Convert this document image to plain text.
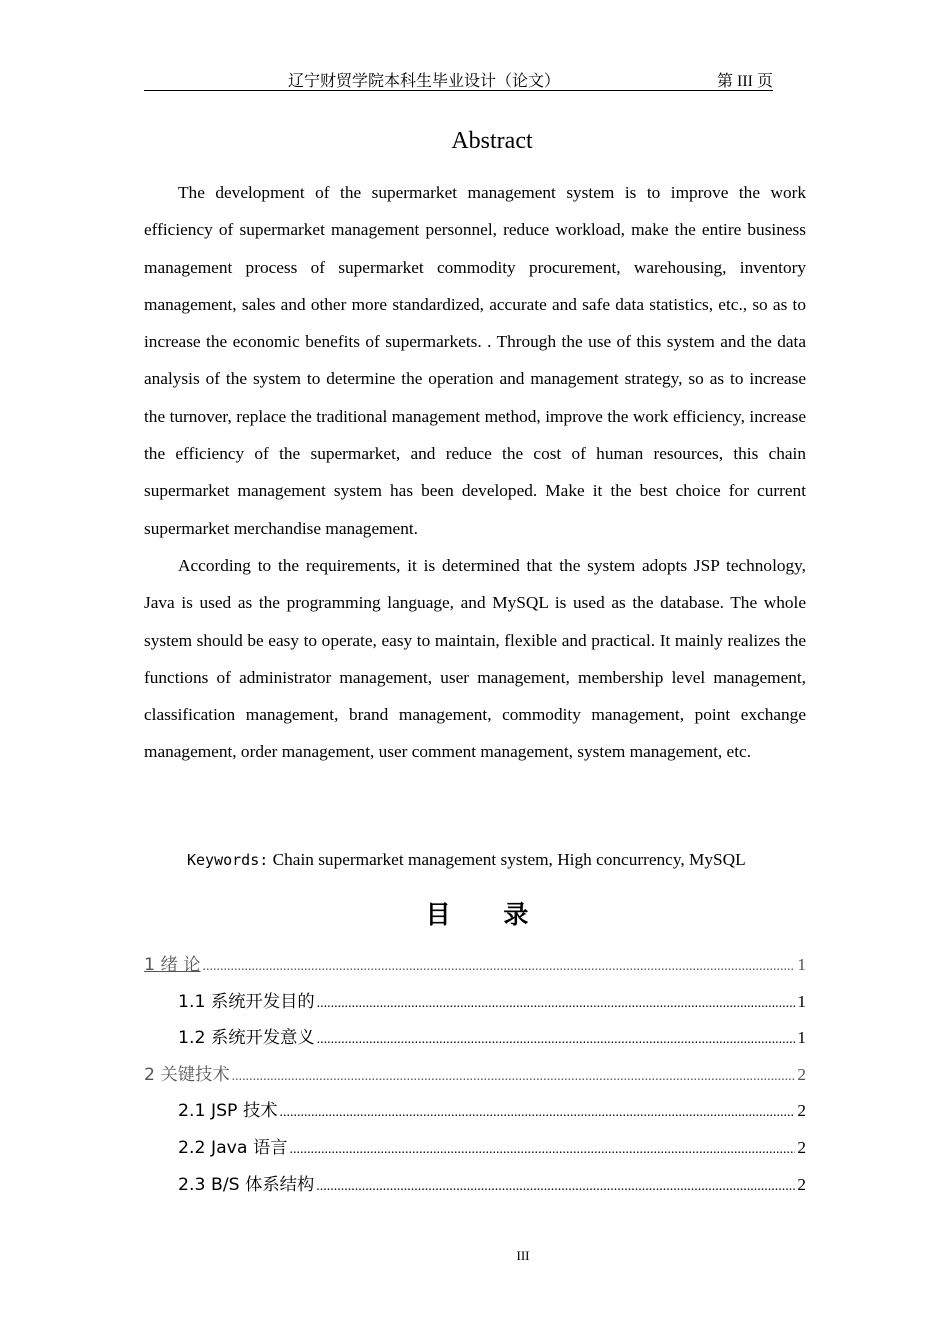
辽宁财贸学院本科生毕业设计（论文）	第 III 页
Abstract

The development of the supermarket management system is to improve the work efficiency of supermarket management personnel, reduce workload, make the entire business management process of supermarket commodity procurement, warehousing, inventory management, sales and other more standardized, accurate and safe data statistics, etc., so as to increase the economic benefits of supermarkets. . Through the use of this system and the data analysis of the system to determine the operation and management strategy, so as to increase the turnover, replace the traditional management method, improve the work efficiency, increase the efficiency of the supermarket, and reduce the cost of human resources, this chain supermarket management system has been developed. Make it the best choice for current supermarket merchandise management.

According to the requirements, it is determined that the system adopts JSP technology, Java is used as the programming language, and MySQL is used as the database. The whole system should be easy to operate, easy to maintain, flexible and practical. It mainly realizes the functions of administrator management, user management, membership level management, classification management, brand management, commodity management, point exchange management, order management, user comment management, system management, etc.

Keywords: Chain supermarket management system, High concurrency, MySQL
目 录
1 绪 论 .....	1
1.1 系统开发目的 .....	1
1.2 系统开发意义 .....	1
2 关键技术 .....	2
2.1 JSP 技术 .....	2
2.2 Java 语言 .....	2
2.3 B/S 体系结构 .....	2
III
